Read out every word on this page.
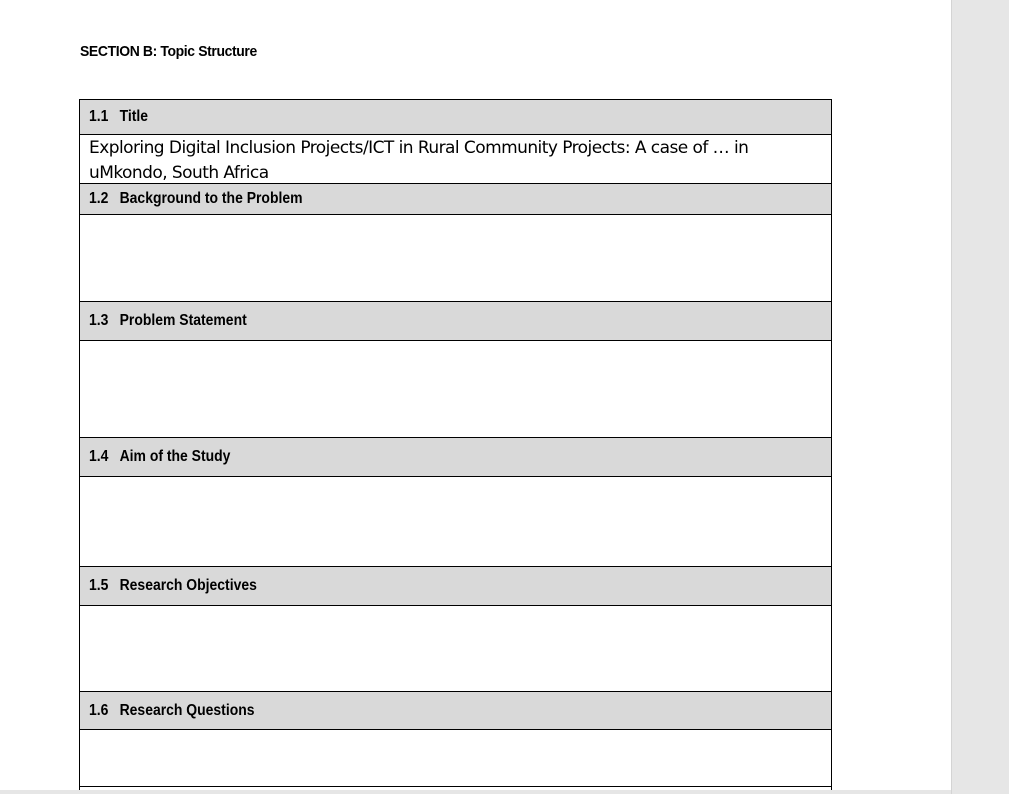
SECTION B: Topic Structure
1.1 Title
1.2 Background to the Problem
1.3 Problem Statement
1.4 Aim of the Study
1.5 Research Objectives
1.6 Research Questions
Exploring Digital Inclusion Projects/ICT in Rural Community Projects: A case of … in uMkondo, South Africa
